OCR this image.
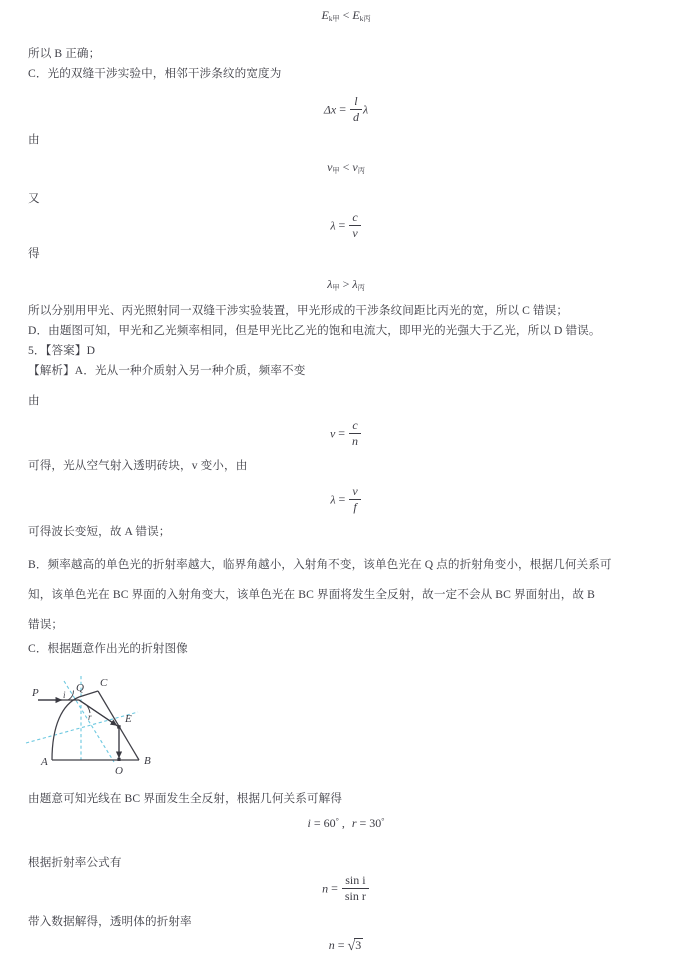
$E_{k甲} < E_{k丙}$
所以 B 正确；
C．光的双缝干涉实验中，相邻干涉条纹的宽度为
$\Delta x = \frac{l}{d}$ λ
由
$\nu_甲 < \nu_丙$
又
$\lambda = \frac{c}{\nu}$
得
$\lambda_甲 > \lambda_丙$
所以分别用甲光、丙光照射同一双缝干涉实验装置，甲光形成的干涉条纹间距比丙光的宽，所以 C 错误；
D．由题图可知，甲光和乙光频率相同，但是甲光比乙光的饱和电流大，即甲光的光强大于乙光，所以 D 错误。
5．【答案】D
【解析】A．光从一种介质射入另一种介质，频率不变
由
$v = \frac{c}{n}$
可得，光从空气射入透明砖块，v 变小，由
$\lambda = \frac{v}{f}$
可得波长变短，故 A 错误；
B．频率越高的单色光的折射率越大，临界角越小，入射角不变，该单色光在 Q 点的折射角变小，根据几何关系可
知，该单色光在 BC 界面的入射角变大，该单色光在 BC 界面将发生全反射，故一定不会从 BC 界面射出，故 B
错误；
C．根据题意作出光的折射图像
P	Q C
E
A	B
O
i
r
由题意可知光线在 BC 界面发生全反射，根据几何关系可解得
i = 60° , r = 30°
根据折射率公式有
$n = \frac{\text{sin i}}{\text{sin r}}$
带入数据解得，透明体的折射率
n = √3
